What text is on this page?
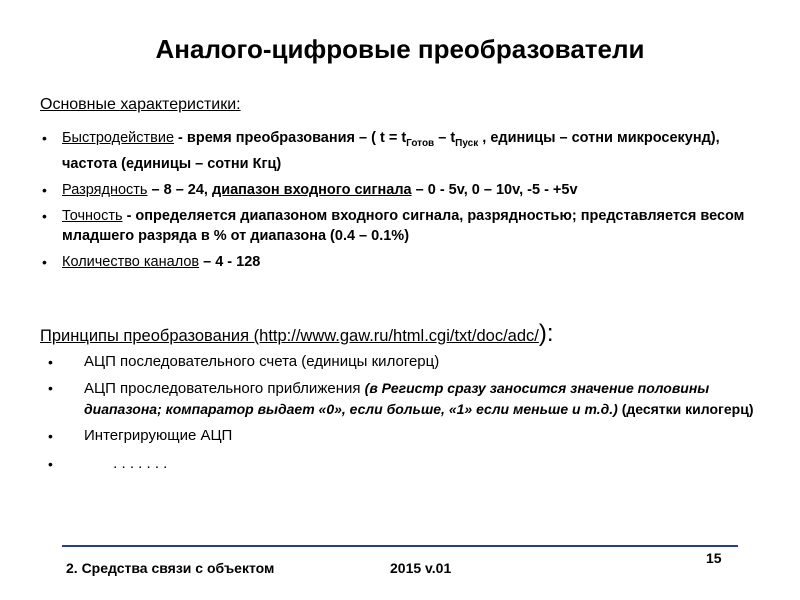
Аналого-цифровые преобразователи
Основные характеристики:
• Быстродействие - время преобразования – ( $t = t_{Готов} - t_{Пуск}$ , единицы – сотни микросекунд), частота (единицы – сотни Кгц)
• Разрядность – 8 – 24, диапазон входного сигнала – 0 - 5v, 0 – 10v, -5 - +5v
• Точность - определяется диапазоном входного сигнала, разрядностью; представляется весом младшего разряда в % от диапазона (0.4 – 0.1%)
• Количество каналов – 4 - 128
Принципы преобразования (http://www.gaw.ru/html.cgi/txt/doc/adc/):
• АЦП последовательного счета (единицы килогерц)
• АЦП прoследовательного приближения (в Регистр сразу заносится значение половины диапазона; компаратор выдает «0», если больше, «1» если меньше и т.д.) (десятки килогерц)
• Интегрирующие АЦП
• . . . . . . .
2. Средства связи с объектом	2015 v.01
15
